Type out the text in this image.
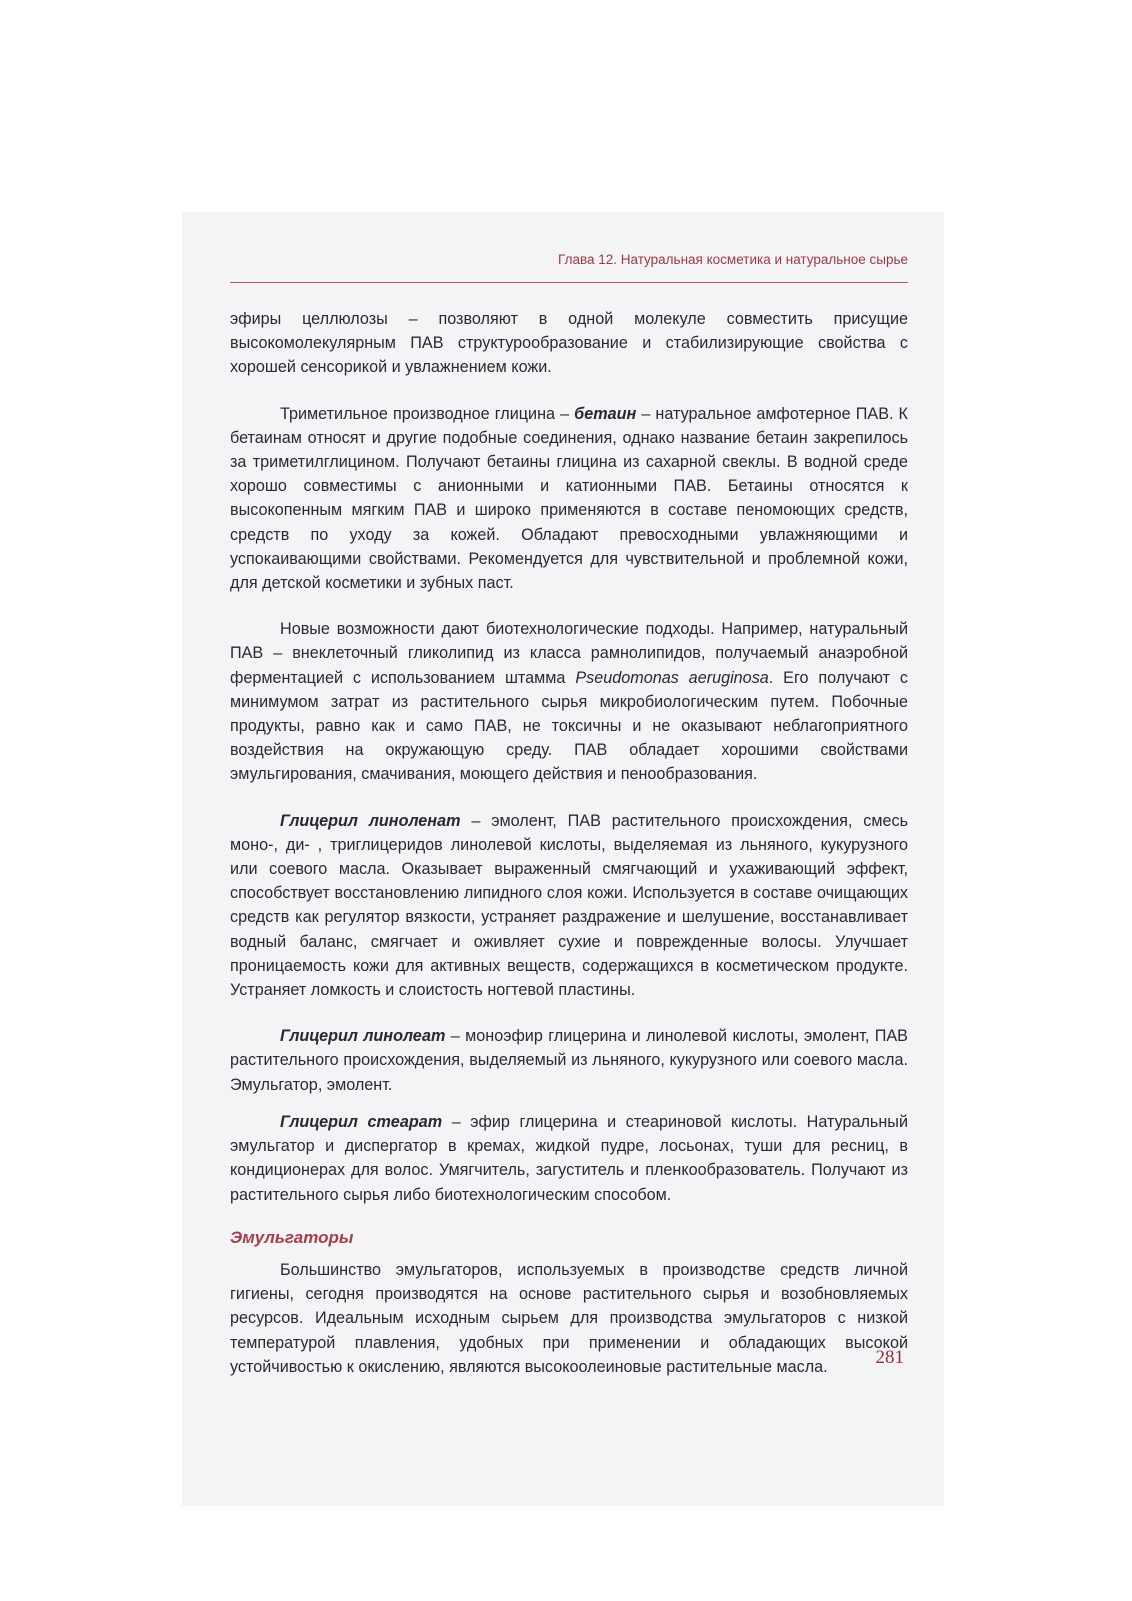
Глава 12. Натуральная косметика и натуральное сырье

эфиры целлюлозы – позволяют в одной молекуле совместить присущие высокомолекулярным ПАВ структурообразование и стабилизирующие свойства с хорошей сенсорикой и увлажнением кожи.

Триметильное производное глицина – бетаин – натуральное амфотерное ПАВ. К бетаинам относят и другие подобные соединения, однако название бетаин закрепилось за триметилглицином. Получают бетаины глицина из сахарной свеклы. В водной среде хорошо совместимы с анионными и катионными ПАВ. Бетаины относятся к высокопенным мягким ПАВ и широко применяются в составе пеномоющих средств, средств по уходу за кожей. Обладают превосходными увлажняющими и успокаивающими свойствами. Рекомендуется для чувствительной и проблемной кожи, для детской косметики и зубных паст.

Новые возможности дают биотехнологические подходы. Например, натуральный ПАВ – внеклеточный гликолипид из класса рамнолипидов, получаемый анаэробной ферментацией с использованием штамма Pseudomonas aeruginosa. Его получают с минимумом затрат из растительного сырья микробиологическим путем. Побочные продукты, равно как и само ПАВ, не токсичны и не оказывают неблагоприятного воздействия на окружающую среду. ПАВ обладает хорошими свойствами эмульгирования, смачивания, моющего действия и пенообразования.

Глицерил линоленат – эмолент, ПАВ растительного происхождения, смесь моно-, ди- , триглицеридов линолевой кислоты, выделяемая из льняного, кукурузного или соевого масла. Оказывает выраженный смягчающий и ухаживающий эффект, способствует восстановлению липидного слоя кожи. Используется в составе очищающих средств как регулятор вязкости, устраняет раздражение и шелушение, восстанавливает водный баланс, смягчает и оживляет сухие и поврежденные волосы. Улучшает проницаемость кожи для активных веществ, содержащихся в косметическом продукте. Устраняет ломкость и слоистость ногтевой пластины.

Глицерил линолеат – моноэфир глицерина и линолевой кислоты, эмолент, ПАВ растительного происхождения, выделяемый из льняного, кукурузного или соевого масла. Эмульгатор, эмолент.

Глицерил стеарат – эфир глицерина и стеариновой кислоты. Натуральный эмульгатор и диспергатор в кремах, жидкой пудре, лосьонах, туши для ресниц, в кондиционерах для волос. Умягчитель, загуститель и пленкообразователь. Получают из растительного сырья либо биотехнологическим способом.

Эмульгаторы

Большинство эмульгаторов, используемых в производстве средств личной гигиены, сегодня производятся на основе растительного сырья и возобновляемых ресурсов. Идеальным исходным сырьем для производства эмульгаторов с низкой температурой плавления, удобных при применении и обладающих высокой устойчивостью к окислению, являются высокоолеиновые растительные масла.	281
